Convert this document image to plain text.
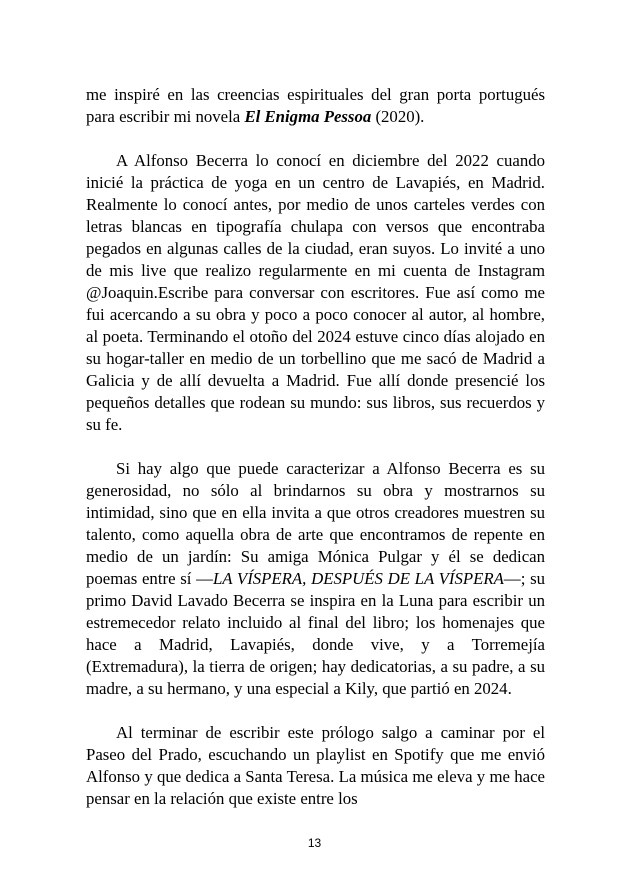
me inspiré en las creencias espirituales del gran porta portugués para escribir mi novela El Enigma Pessoa (2020).

A Alfonso Becerra lo conocí en diciembre del 2022 cuando inicié la práctica de yoga en un centro de Lavapiés, en Madrid. Realmente lo conocí antes, por medio de unos carteles verdes con letras blancas en tipografía chulapa con versos que encontraba pegados en algunas calles de la ciudad, eran suyos. Lo invité a uno de mis live que realizo regularmente en mi cuenta de Instagram @Joaquin.Escribe para conversar con escritores. Fue así como me fui acercando a su obra y poco a poco conocer al autor, al hombre, al poeta. Terminando el otoño del 2024 estuve cinco días alojado en su hogar-taller en medio de un torbellino que me sacó de Madrid a Galicia y de allí devuelta a Madrid. Fue allí donde presencié los pequeños detalles que rodean su mundo: sus libros, sus recuerdos y su fe.

Si hay algo que puede caracterizar a Alfonso Becerra es su generosidad, no sólo al brindarnos su obra y mostrarnos su intimidad, sino que en ella invita a que otros creadores muestren su talento, como aquella obra de arte que encontramos de repente en medio de un jardín: Su amiga Mónica Pulgar y él se dedican poemas entre sí —LA VÍSPERA, DESPUÉS DE LA VÍSPERA—; su primo David Lavado Becerra se inspira en la Luna para escribir un estremecedor relato incluido al final del libro; los homenajes que hace a Madrid, Lavapiés, donde vive, y a Torremejía (Extremadura), la tierra de origen; hay dedicatorias, a su padre, a su madre, a su hermano, y una especial a Kily, que partió en 2024.

Al terminar de escribir este prólogo salgo a caminar por el Paseo del Prado, escuchando un playlist en Spotify que me envió Alfonso y que dedica a Santa Teresa. La música me eleva y me hace pensar en la relación que existe entre los

13
